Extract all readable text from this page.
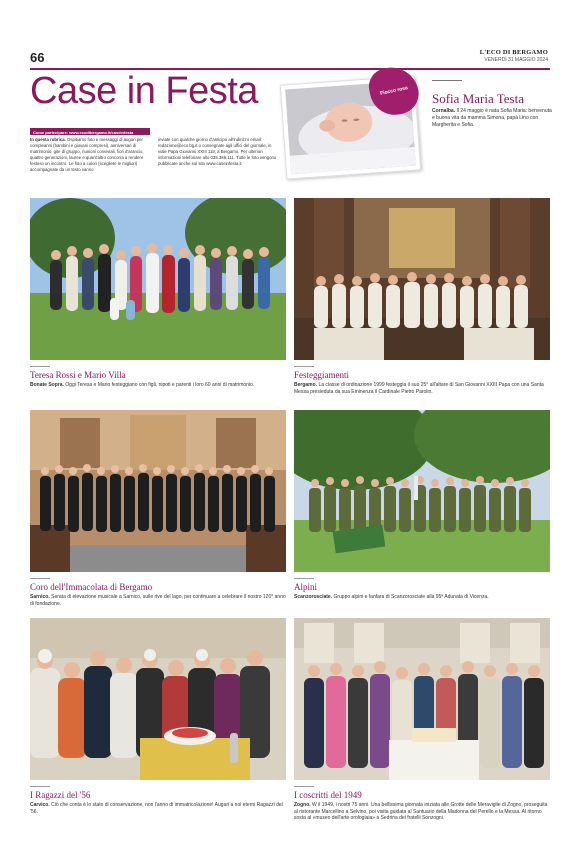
66	L'ECO DI BERGAMO
VENERDÌ 31 MAGGIO 2024
Case in Festa
Come partecipare: www.ecodibergamo.it/caseinfesta
In questa rubrica. Ospitiamo foto e messaggi di auguri per compleanni (bambini e giovani compresi), anniversari di matrimonio, gite di gruppo, riunioni conviviali, fiori d'arancio, quattro generazioni, lauree e quant'altro concorra a rendere festoso un incontro. Le foto a colori (scegliete le migliori) accompagnate da un testo vanno
inviate con qualche giorno d'anticipo all'indirizzo email: redazione@eco.bg.it o consegnate agli uffici del giornale, in viale Papa Giovanni XXIII 118, a Bergamo. Per ulteriori informazioni telefonare allo 035.386.111. Tutte le foto vengono pubblicate anche sul sito www.caseinfesta.it
Fiocco rosa	Sofia Maria Testa
Cornalba. Il 24 maggio è nata Sofia Maria: benvenuta e buona vita da mamma Simona, papà Lino con Margherita e Sofia.
Teresa Rossi e Mario Villa
Bonate Sopra. Oggi Teresa e Mario festeggiano con figli, nipoti e parenti i loro 60 anni di matrimonio.
Festeggiamenti
Bergamo. La classe di ordinazione 1999 festeggia il suo 25° all'altare di San Giovanni XXIII Papa con una Santa Messa presieduta da sua Eminenza il Cardinale Pietro Parolin.
Coro dell'Immacolata di Bergamo
Sarnico. Serata di elevazione musicale a Sarnico, sulle rive del lago, per continuare a celebrare il nostro 120° anno di fondazione.
Alpini
Scanzorosciate. Gruppo alpini e fanfara di Scanzorosciate alla 95ª Adunata di Vicenza.
I Ragazzi del '56
Carvico. Ciò che conta è lo stato di conservazione, non l'anno di immatricolazione! Auguri a noi eterni Ragazzi del '56.
I coscritti del 1949
Zogno. W il 1949, i nostri 75 anni. Una bellissima giornata iniziata alle Grotte delle Meraviglie di Zogno, proseguita al ristorante Marcellino a Selvino, poi visita guidata al Santuario della Madonna del Perello e la Messa. Al ritorno sosta al «museo dell'arte orologiaia» a Sedrina dei fratelli Sonzogni.
